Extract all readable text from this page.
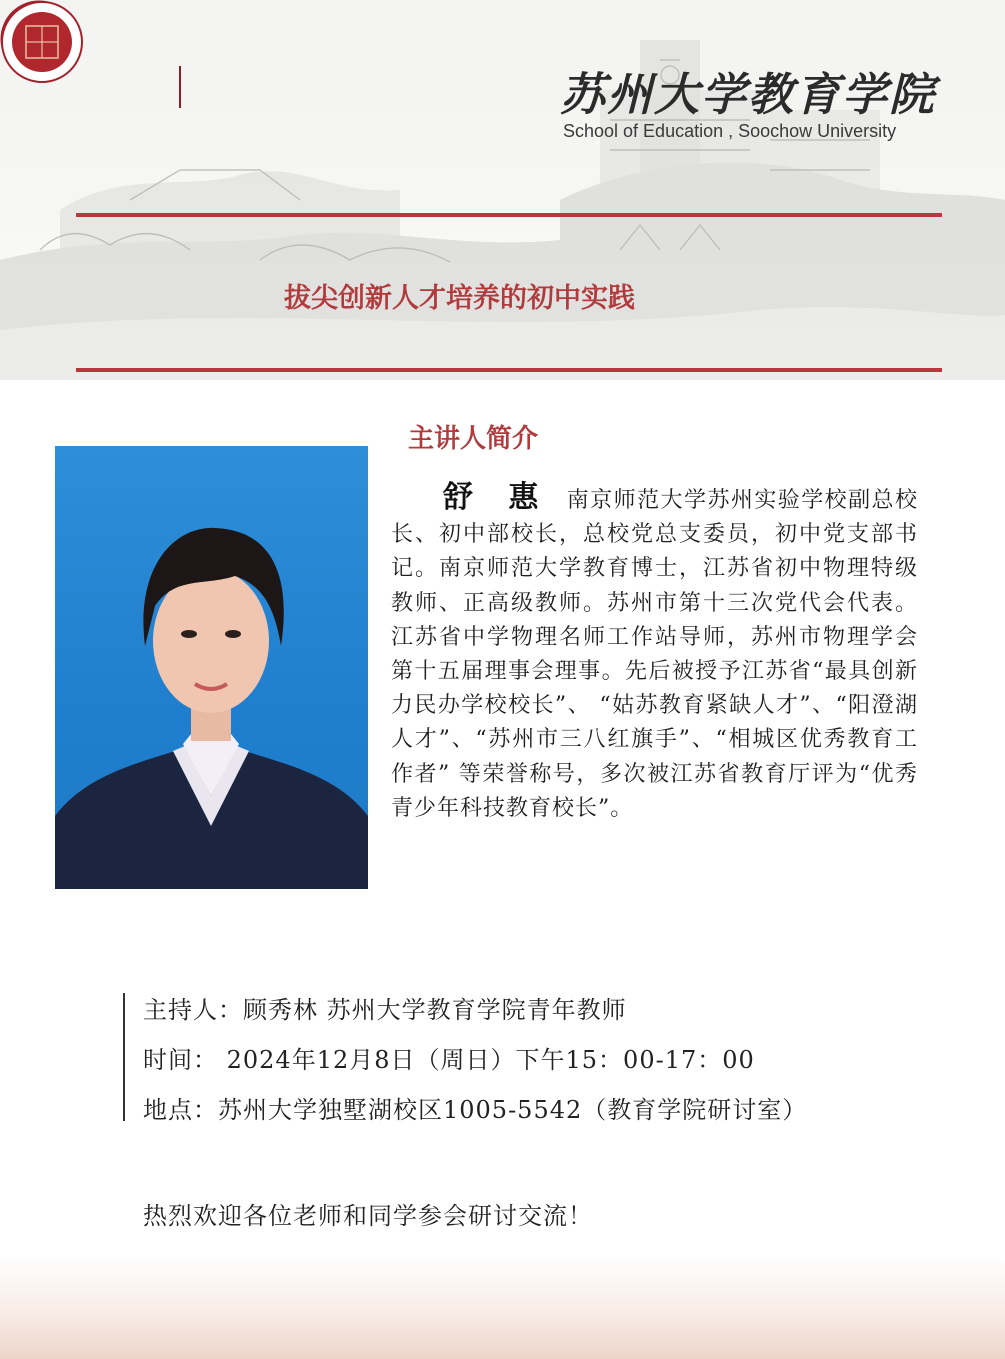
苏州大学教育学院
School of Education , Soochow University
拔尖创新人才培养的初中实践
主讲人简介
舒 惠 南京师范大学苏州实验学校副总校长、初中部校长，总校党总支委员，初中党支部书记。南京师范大学教育博士，江苏省初中物理特级教师、正高级教师。苏州市第十三次党代会代表。江苏省中学物理名师工作站导师，苏州市物理学会第十五届理事会理事。先后被授予江苏省“最具创新力民办学校校长”、 “姑苏教育紧缺人才”、“阳澄湖人才”、“苏州市三八红旗手”、“相城区优秀教育工作者” 等荣誉称号，多次被江苏省教育厅评为“优秀青少年科技教育校长”。
主持人：顾秀林 苏州大学教育学院青年教师
时间： 2024年12月8日（周日）下午15：00-17：00
地点：苏州大学独墅湖校区1005-5542（教育学院研讨室）
热烈欢迎各位老师和同学参会研讨交流！
